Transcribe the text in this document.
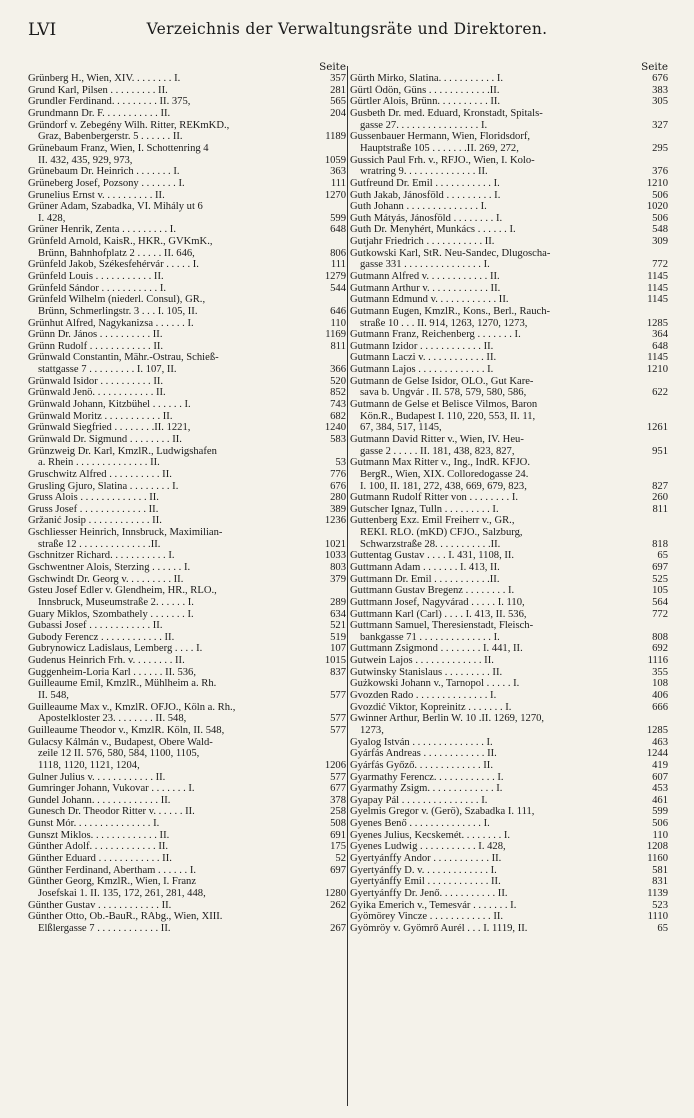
LVI	Verzeichnis der Verwaltungsräte und Direktoren.
Seite
Grünberg H., Wien, XIV. . . . . . . . I.	357
Grund Karl, Pilsen . . . . . . . . . II.	281
Grundler Ferdinand. . . . . . . . . II. 375,	565
Grundmann Dr. F. . . . . . . . . . . II.	204
Gründorf v. Zebegény Wilh. Ritter, REKmKD.,
Graz, Babenbergerstr. 5 . . . . . . II.	1189
Grünebaum Franz, Wien, I. Schottenring 4
II. 432, 435, 929, 973,	1059
Grünebaum Dr. Heinrich . . . . . . . I.	363
Grüneberg Josef, Pozsony . . . . . . . I.	111
Grunelius Ernst v. . . . . . . . . . II.	1270
Grüner Adam, Szabadka, VI. Mihály ut 6
I. 428,	599
Grüner Henrik, Zenta . . . . . . . . . I.	648
Grünfeld Arnold, KaisR., HKR., GVKmK.,
Brünn, Bahnhofplatz 2 . . . . . II. 646,	806
Grünfeld Jakob, Székesfehérvár . . . . . I.	111
Grünfeld Louis . . . . . . . . . . . II.	1279
Grünfeld Sándor . . . . . . . . . . . I.	544
Grünfeld Wilhelm (niederl. Consul), GR.,
Brünn, Schmerlingstr. 3 . . . I. 105, II.	646
Grünhut Alfred, Nagykanizsa . . . . . . I.	110
Grünn Dr. János . . . . . . . . . . II.	1169
Grünn Rudolf . . . . . . . . . . . . II.	811
Grünwald Constantin, Mähr.-Ostrau, Schieß-
stattgasse 7 . . . . . . . . . I. 107, II.	366
Grünwald Isidor . . . . . . . . . . II.	520
Grünwald Jenö. . . . . . . . . . . . II.	852
Grünwald Johann, Kitzbühel . . . . . . I.	743
Grünwald Moritz . . . . . . . . . . . II.	682
Grünwald Siegfried . . . . . . . .II. 1221,	1240
Grünwald Dr. Sigmund . . . . . . . . II.	583
Grünzweig Dr. Karl, KmzlR., Ludwigshafen
a. Rhein . . . . . . . . . . . . . . II.	53
Gruschwitz Alfred . . . . . . . . . . II.	776
Grusling Gjuro, Slatina . . . . . . . . I.	676
Gruss Alois . . . . . . . . . . . . . II.	280
Gruss Josef . . . . . . . . . . . . . II.	389
Gržanić Josip . . . . . . . . . . . . II.	1236
Gschliesser Heinrich, Innsbruck, Maximilian-
straße 12 . . . . . . . . . . . . . .II.	1021
Gschnitzer Richard. . . . . . . . . . . I.	1033
Gschwentner Alois, Sterzing . . . . . . I.	803
Gschwindt Dr. Georg v. . . . . . . . . II.	379
Gsteu Josef Edler v. Glendheim, HR., RLO.,
Innsbruck, Museumstraße 2. . . . . . I.	289
Guary Miklos, Szombathely . . . . . . . I.	634
Gubassi Josef . . . . . . . . . . . . II.	521
Gubody Ferencz . . . . . . . . . . . . II.	519
Gubrynowicz Ladislaus, Lemberg . . . . I.	107
Gudenus Heinrich Frh. v. . . . . . . . II.	1015
Guggenheim-Loria Karl . . . . . . II. 536,	837
Guilleaume Emil, KmzlR., Mühlheim a. Rh.
II. 548,	577
Guilleaume Max v., KmzlR. OFJO., Köln a. Rh.,
Apostelkloster 23. . . . . . . . II. 548,	577
Guilleaume Theodor v., KmzlR. Köln, II. 548,	577
Gulacsy Kálmán v., Budapest, Obere Wald-
zeile 12 II. 576, 580, 584, 1100, 1105,
1118, 1120, 1121, 1204,	1206
Gulner Julius v. . . . . . . . . . . . II.	577
Gumringer Johann, Vukovar . . . . . . . I.	677
Gundel Johann. . . . . . . . . . . . . II.	378
Gunesch Dr. Theodor Ritter v. . . . . . II.	258
Gunst Mór. . . . . . . . . . . . . . . I.	508
Gunszt Miklos. . . . . . . . . . . . . II.	691
Günther Adolf. . . . . . . . . . . . . II.	175
Günther Eduard . . . . . . . . . . . . II.	52
Günther Ferdinand, Abertham . . . . . . I.	697
Günther Georg, KmzlR., Wien, I. Franz
Josefskai 1. II. 135, 172, 261, 281, 448,	1280
Günther Gustav . . . . . . . . . . . . II.	262
Günther Otto, Ob.-BauR., RAbg., Wien, XIII.
Elßlergasse 7 . . . . . . . . . . . . II.	267
Seite
Gürth Mirko, Slatina. . . . . . . . . . . I.	676
Gürtl Ödön, Güns . . . . . . . . . . . .II.	383
Gürtler Alois, Brünn. . . . . . . . . . II.	305
Gusbeth Dr. med. Eduard, Kronstadt, Spitals-
gasse 27. . . . . . . . . . . . . . . . I.	327
Gussenbauer Hermann, Wien, Floridsdorf,
Hauptstraße 105 . . . . . . .II. 269, 272,	295
Gussich Paul Frh. v., RFJO., Wien, I. Kolo-
wratring 9. . . . . . . . . . . . . . II.	376
Gutfreund Dr. Emil . . . . . . . . . . . I.	1210
Guth Jakab, Jánosföld . . . . . . . . . I.	506
Guth Johann . . . . . . . . . . . . . . I.	1020
Guth Mátyás, Jánosföld . . . . . . . . I.	506
Guth Dr. Menyhért, Munkács . . . . . . I.	548
Gutjahr Friedrich . . . . . . . . . . . II.	309
Gutkowski Karl, StR. Neu-Sandec, Dlugoscha-
gasse 331 . . . . . . . . . . . . . . . I.	772
Gutmann Alfred v. . . . . . . . . . . . II.	1145
Gutmann Arthur v. . . . . . . . . . . . II.	1145
Gutmann Edmund v. . . . . . . . . . . . II.	1145
Gutmann Eugen, KmzlR., Kons., Berl., Rauch-
straße 10 . . . II. 914, 1263, 1270, 1273,	1285
Gutmann Franz, Reichenberg . . . . . . . I.	364
Gutmann Izidor . . . . . . . . . . . . II.	648
Gutmann Laczi v. . . . . . . . . . . . II.	1145
Gutmann Lajos . . . . . . . . . . . . . I.	1210
Gutmann de Gelse Isidor, OLO., Gut Kare-
sava b. Ungvár . II. 578, 579, 580, 586,	622
Gutmann de Gelse et Belisce Vilmos, Baron
Kön.R., Budapest I. 110, 220, 553, II. 11,
67, 384, 517, 1145,	1261
Gutmann David Ritter v., Wien, IV. Heu-
gasse 2 . . . . . II. 181, 438, 823, 827,	951
Gutmann Max Ritter v., Ing., IndR. KFJO.
BergR., Wien, XIX. Colloredogasse 24.
I. 100, II. 181, 272, 438, 669, 679, 823,	827
Gutmann Rudolf Ritter von . . . . . . . . I.	260
Gutscher Ignaz, Tulln . . . . . . . . . I.	811
Guttenberg Exz. Emil Freiherr v., GR.,
REKI. RLO. (mKD) CFJO., Salzburg,
Schwarzstraße 28. . . . . . . . . . .II.	818
Guttentag Gustav . . . . I. 431, 1108, II.	65
Guttmann Adam . . . . . . . I. 413, II.	697
Guttmann Dr. Emil . . . . . . . . . . .II.	525
Guttmann Gustav Bregenz . . . . . . . . I.	105
Guttmann Josef, Nagyvárad . . . . . I. 110,	564
Guttmann Karl (Carl) . . . . I. 413, II. 536,	772
Guttmann Samuel, Theresienstadt, Fleisch-
bankgasse 71 . . . . . . . . . . . . . . I.	808
Guttmann Zsigmond . . . . . . . . I. 441, II.	692
Gutwein Lajos . . . . . . . . . . . . . II.	1116
Gutwinsky Stanislaus . . . . . . . . . II.	355
Gużkowski Johann v., Tarnopol . . . . . I.	108
Gvozden Rado . . . . . . . . . . . . . . I.	406
Gvozdić Viktor, Kopreinitz . . . . . . . I.	666
Gwinner Arthur, Berlin W. 10 .II. 1269, 1270,
1273,	1285
Gyalog István . . . . . . . . . . . . . . I.	463
Gyárfás Andreas . . . . . . . . . . . . II.	1244
Gyárfás Győző. . . . . . . . . . . . . II.	419
Gyarmathy Ferencz. . . . . . . . . . . . I.	607
Gyarmathy Zsigm. . . . . . . . . . . . . I.	453
Gyapay Pál . . . . . . . . . . . . . . . I.	461
Gyelmis Gregor v. (Gerö), Szabadka I. 111,	599
Gyenes Benő . . . . . . . . . . . . . . I.	506
Gyenes Julius, Kecskemét. . . . . . . . I.	110
Gyenes Ludwig . . . . . . . . . . . I. 428,	1208
Gyertyánffy Andor . . . . . . . . . . . II.	1160
Gyertyánffy D. v. . . . . . . . . . . . . I.	581
Gyertyánffy Emil . . . . . . . . . . . . II.	831
Gyertyánffy Dr. Jenő. . . . . . . . . . . II.	1139
Gyika Emerich v., Temesvár . . . . . . . I.	523
Gyömörey Vincze . . . . . . . . . . . . II.	1110
Gyömröy v. Gyömrő Aurél . . . I. 1119, II.	65
